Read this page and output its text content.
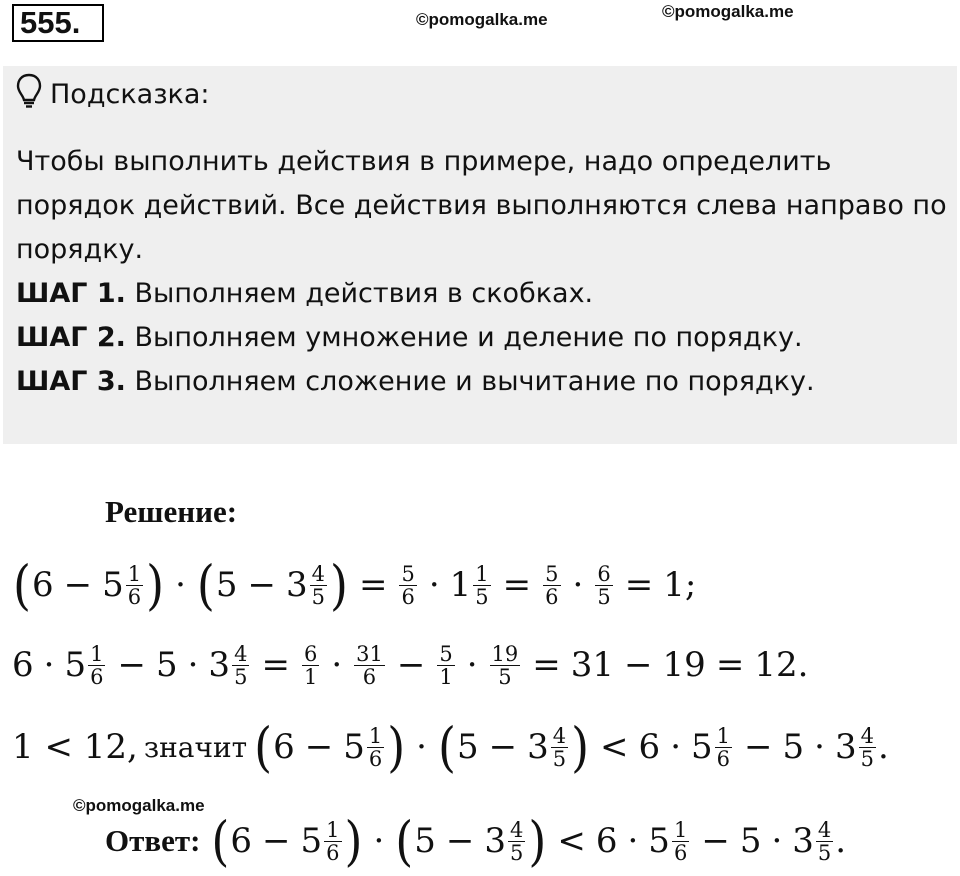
555.	©pomogalka.me	©pomogalka.me
Подсказка:

Чтобы выполнить действия в примере, надо определить порядок действий. Все действия выполняются слева направо по порядку.

ШАГ 1. Выполняем действия в скобках.

ШАГ 2. Выполняем умножение и деление по порядку.

ШАГ 3. Выполняем сложение и вычитание по порядку.

Решение:
( $6 - 5 \frac{1}{6}$ ) · ( $5 - 3 \frac{4}{5}$ ) = $\frac{5}{6} \cdot 1 \frac{1}{5} = \frac{5}{6} \cdot \frac{6}{5} = 1$;
$6 \cdot 5 \frac{1}{6} - 5 \cdot 3 \frac{4}{5} = \frac{6}{1} \cdot \frac{31}{6} - \frac{5}{1} \cdot \frac{19}{5} = 31 - 19 = 12$.
1 < 12, значит ( $6 - 5 \frac{1}{6}$ ) · ( $5 - 3 \frac{4}{5}$ ) < $6 \cdot 5 \frac{1}{6} - 5 \cdot 3 \frac{4}{5}$ .
©pomogalka.me
Ответ: ( $6 - 5 \frac{1}{6}$ ) · ( $5 - 3 \frac{4}{5}$ ) < $6 \cdot 5 \frac{1}{6} - 5 \cdot 3 \frac{4}{5}$ .
